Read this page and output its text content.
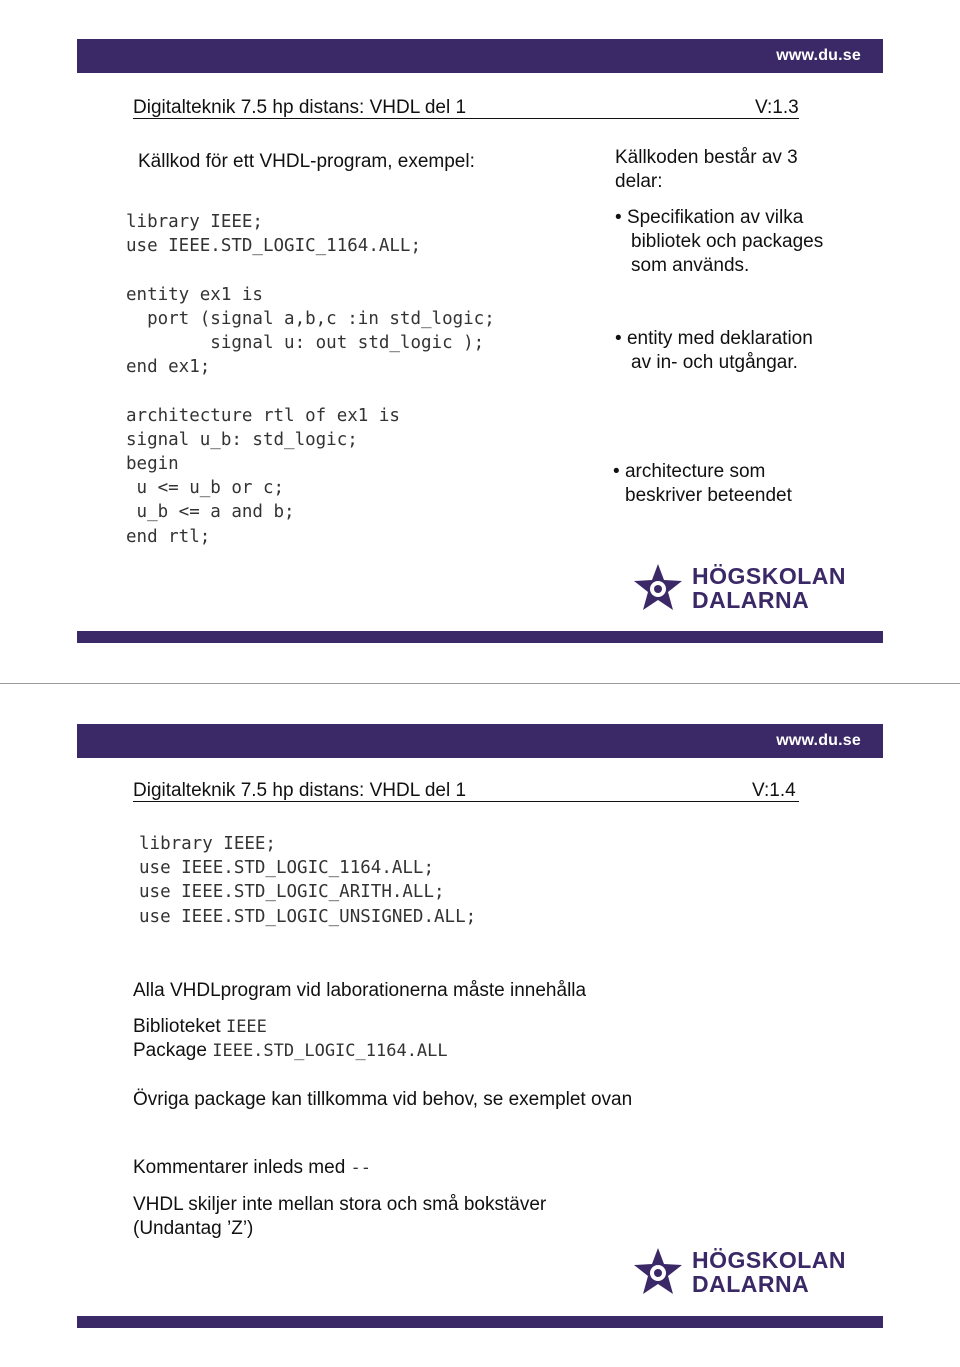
www.du.se
Digitalteknik 7.5 hp distans: VHDL del 1	V:1.3
Källkod för ett VHDL-program, exempel:
library IEEE;
use IEEE.STD_LOGIC_1164.ALL;

entity ex1 is
port (signal a,b,c :in std_logic;
signal u: out std_logic );
end ex1;

architecture rtl of ex1 is
signal u_b: std_logic;
begin
u <= u_b or c;
u_b <= a and b;
end rtl;
Källkoden består av 3
delar:
• Specifikation av vilka
bibliotek och packages
som används.
• entity med deklaration
av in- och utgångar.
• architecture som
beskriver beteendet
HÖGSKOLAN
DALARNA
www.du.se
Digitalteknik 7.5 hp distans: VHDL del 1	V:1.4
library IEEE;
use IEEE.STD_LOGIC_1164.ALL;
use IEEE.STD_LOGIC_ARITH.ALL;
use IEEE.STD_LOGIC_UNSIGNED.ALL;
Alla VHDLprogram vid laborationerna måste innehålla
Biblioteket IEEE
Package IEEE.STD_LOGIC_1164.ALL
Övriga package kan tillkomma vid behov, se exemplet ovan
Kommentarer inleds med --
VHDL skiljer inte mellan stora och små bokstäver
(Undantag ’Z’)
HÖGSKOLAN
DALARNA
